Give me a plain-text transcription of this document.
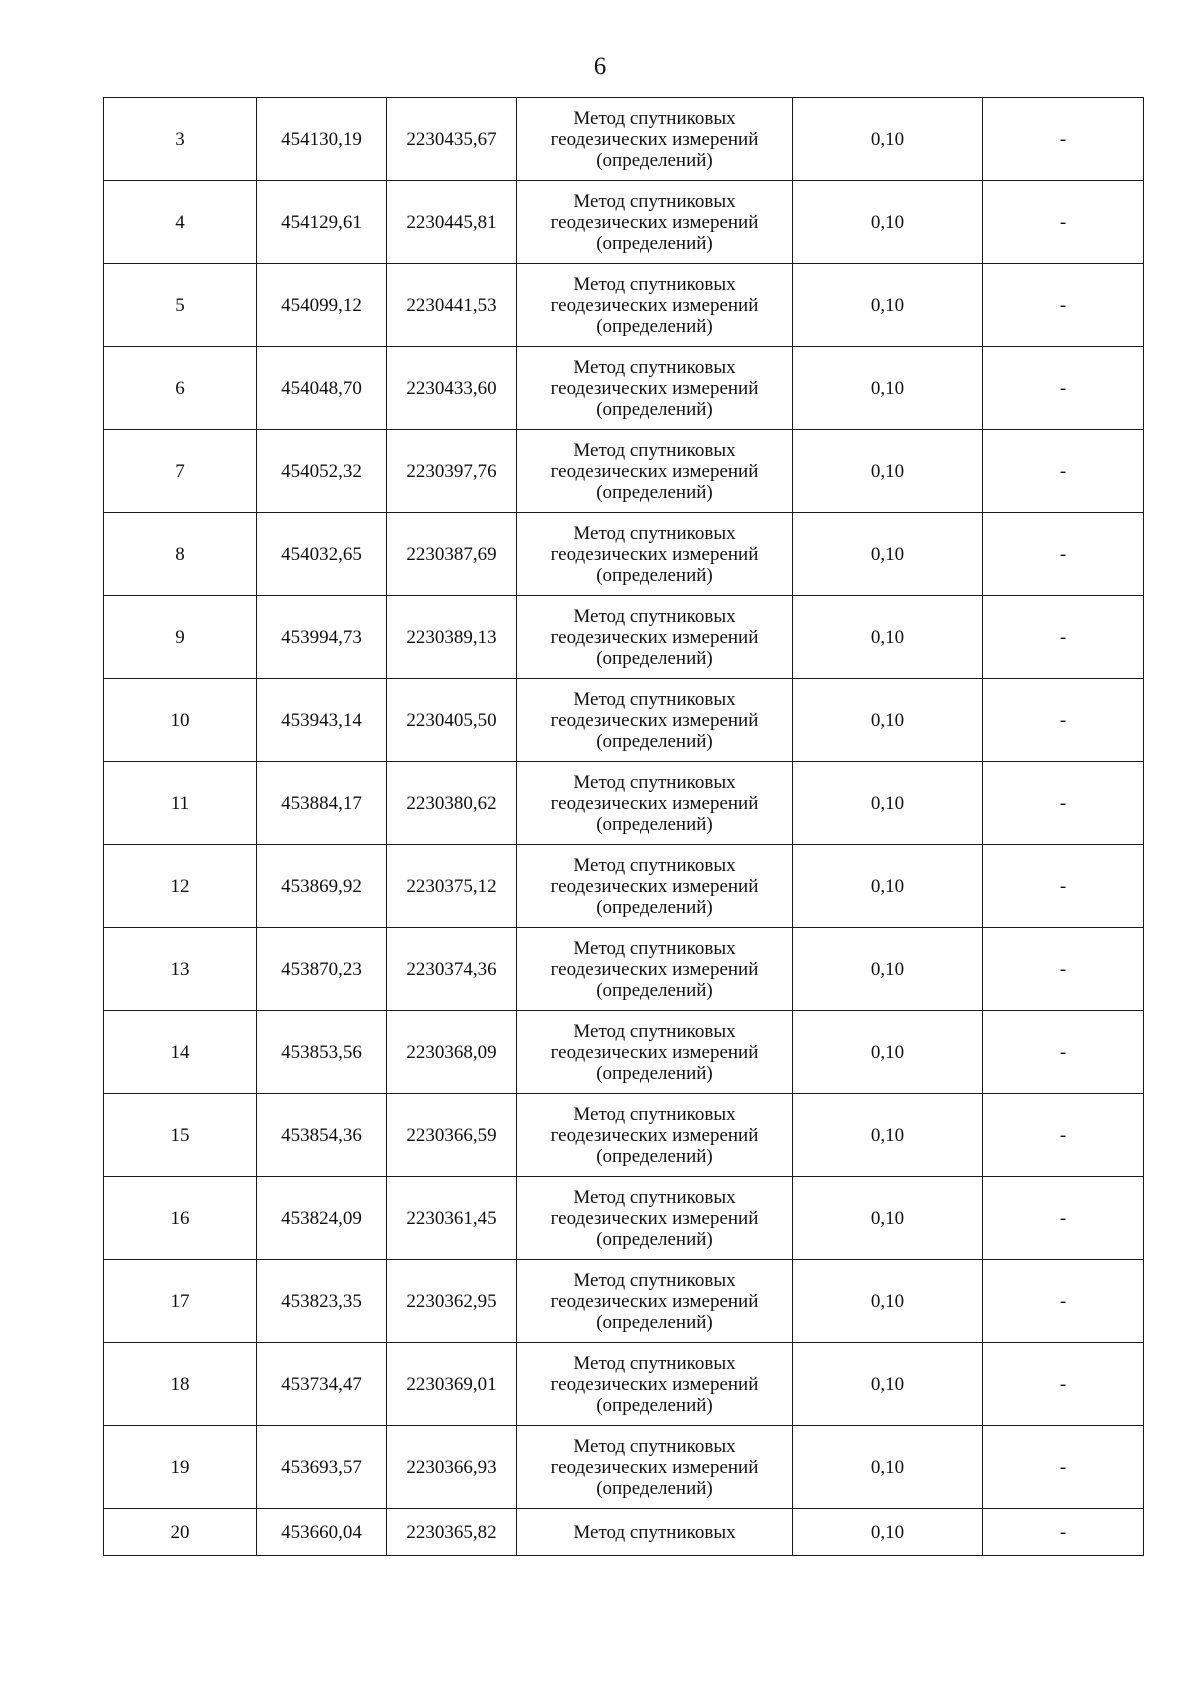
6
3	454130,19	2230435,67	Метод спутниковых геодезических измерений (определений)	0,10	-
4	454129,61	2230445,81	Метод спутниковых геодезических измерений (определений)	0,10	-
5	454099,12	2230441,53	Метод спутниковых геодезических измерений (определений)	0,10	-
6	454048,70	2230433,60	Метод спутниковых геодезических измерений (определений)	0,10	-
7	454052,32	2230397,76	Метод спутниковых геодезических измерений (определений)	0,10	-
8	454032,65	2230387,69	Метод спутниковых геодезических измерений (определений)	0,10	-
9	453994,73	2230389,13	Метод спутниковых геодезических измерений (определений)	0,10	-
10	453943,14	2230405,50	Метод спутниковых геодезических измерений (определений)	0,10	-
11	453884,17	2230380,62	Метод спутниковых геодезических измерений (определений)	0,10	-
12	453869,92	2230375,12	Метод спутниковых геодезических измерений (определений)	0,10	-
13	453870,23	2230374,36	Метод спутниковых геодезических измерений (определений)	0,10	-
14	453853,56	2230368,09	Метод спутниковых геодезических измерений (определений)	0,10	-
15	453854,36	2230366,59	Метод спутниковых геодезических измерений (определений)	0,10	-
16	453824,09	2230361,45	Метод спутниковых геодезических измерений (определений)	0,10	-
17	453823,35	2230362,95	Метод спутниковых геодезических измерений (определений)	0,10	-
18	453734,47	2230369,01	Метод спутниковых геодезических измерений (определений)	0,10	-
19	453693,57	2230366,93	Метод спутниковых геодезических измерений (определений)	0,10	-
20	453660,04	2230365,82	Метод спутниковых	0,10	-
